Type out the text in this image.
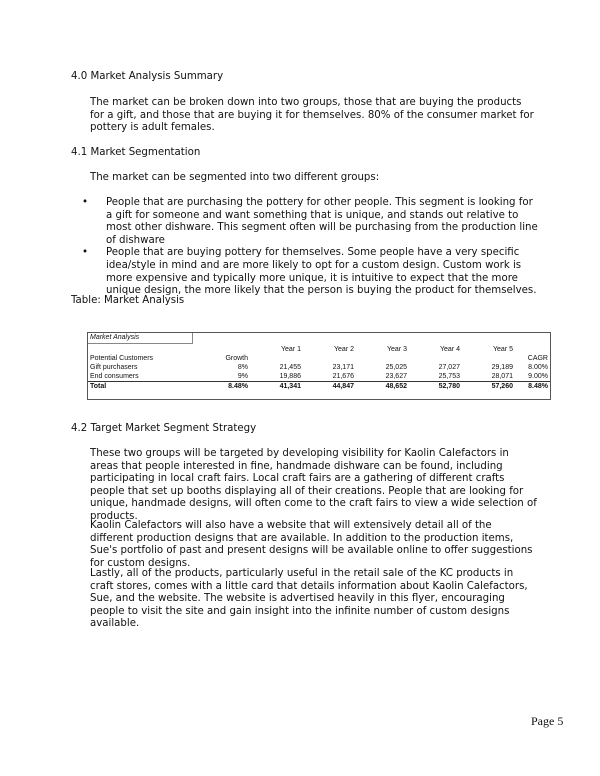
4.0 Market Analysis Summary
The market can be broken down into two groups, those that are buying the products for a gift, and those that are buying it for themselves. 80% of the consumer market for pottery is adult females.
4.1 Market Segmentation
The market can be segmented into two different groups:
• People that are purchasing the pottery for other people. This segment is looking for a gift for someone and want something that is unique, and stands out relative to most other dishware. This segment often will be purchasing from the production line of dishware
• People that are buying pottery for themselves. Some people have a very specific idea/style in mind and are more likely to opt for a custom design. Custom work is more expensive and typically more unique, it is intuitive to expect that the more unique design, the more likely that the person is buying the product for themselves.
Table: Market Analysis
Market Analysis
		Year 1	Year 2	Year 3	Year 4	Year 5	
Potential Customers	Growth						CAGR
Gift purchasers	8%	21,455	23,171	25,025	27,027	29,189	8.00%
End consumers	9%	19,886	21,676	23,627	25,753	28,071	9.00%
Total	8.48%	41,341	44,847	48,652	52,780	57,260	8.48%
4.2 Target Market Segment Strategy
These two groups will be targeted by developing visibility for Kaolin Calefactors in areas that people interested in fine, handmade dishware can be found, including participating in local craft fairs. Local craft fairs are a gathering of different crafts people that set up booths displaying all of their creations. People that are looking for unique, handmade designs, will often come to the craft fairs to view a wide selection of products.
Kaolin Calefactors will also have a website that will extensively detail all of the different production designs that are available. In addition to the production items, Sue's portfolio of past and present designs will be available online to offer suggestions for custom designs.
Lastly, all of the products, particularly useful in the retail sale of the KC products in craft stores, comes with a little card that details information about Kaolin Calefactors, Sue, and the website. The website is advertised heavily in this flyer, encouraging people to visit the site and gain insight into the infinite number of custom designs available.
Page 5
